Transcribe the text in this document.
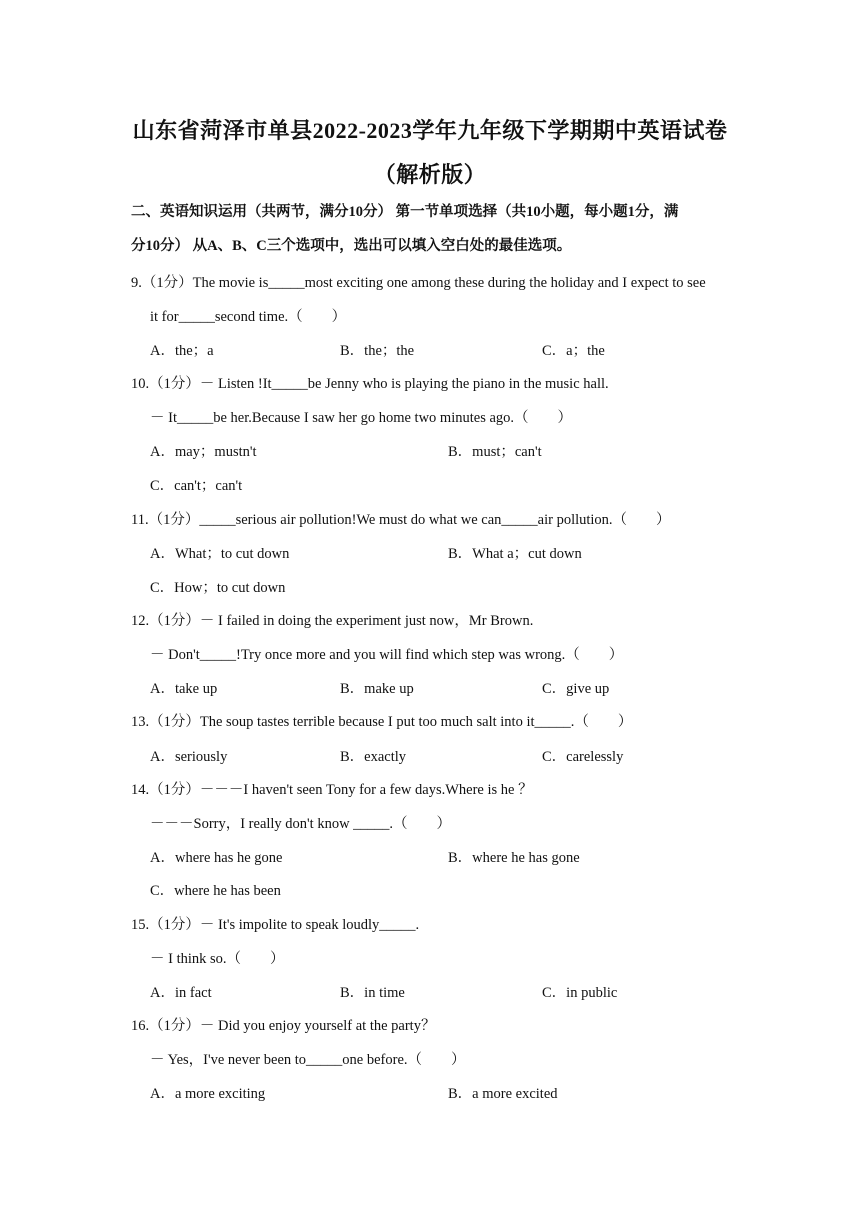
山东省菏泽市单县2022-2023学年九年级下学期期中英语试卷
（解析版）
二、英语知识运用（共两节，满分10分） 第一节单项选择（共10小题，每小题1分，满
分10分） 从A、B、C三个选项中，选出可以填入空白处的最佳选项。
9.（1分）The movie is_____most exciting one among these during the holiday and I expect to see
it for_____second time.（　　）
A．the；a	B．the；the	C．a；the
10.（1分）－ Listen !It_____be Jenny who is playing the piano in the music hall.
－ It_____be her.Because I saw her go home two minutes ago.（　　）
A．may；mustn't	B．must；can't
C．can't；can't
11.（1分）_____serious air pollution!We must do what we can_____air pollution.（　　）
A．What；to cut down	B．What a；cut down
C．How；to cut down
12.（1分）－ I failed in doing the experiment just now，Mr Brown.
－ Don't_____!Try once more and you will find which step was wrong.（　　）
A．take up	B．make up	C．give up
13.（1分）The soup tastes terrible because I put too much salt into it_____.（　　）
A．seriously	B．exactly	C．carelessly
14.（1分）－－－I haven't seen Tony for a few days.Where is he ？
－－－Sorry，I really don't know _____.（　　）
A．where has he gone	B．where he has gone
C．where he has been
15.（1分）－ It's impolite to speak loudly_____.
－ I think so.（　　）
A．in fact	B．in time	C．in public
16.（1分）－ Did you enjoy yourself at the party？
－ Yes，I've never been to_____one before.（　　）
A．a more exciting	B．a more excited
